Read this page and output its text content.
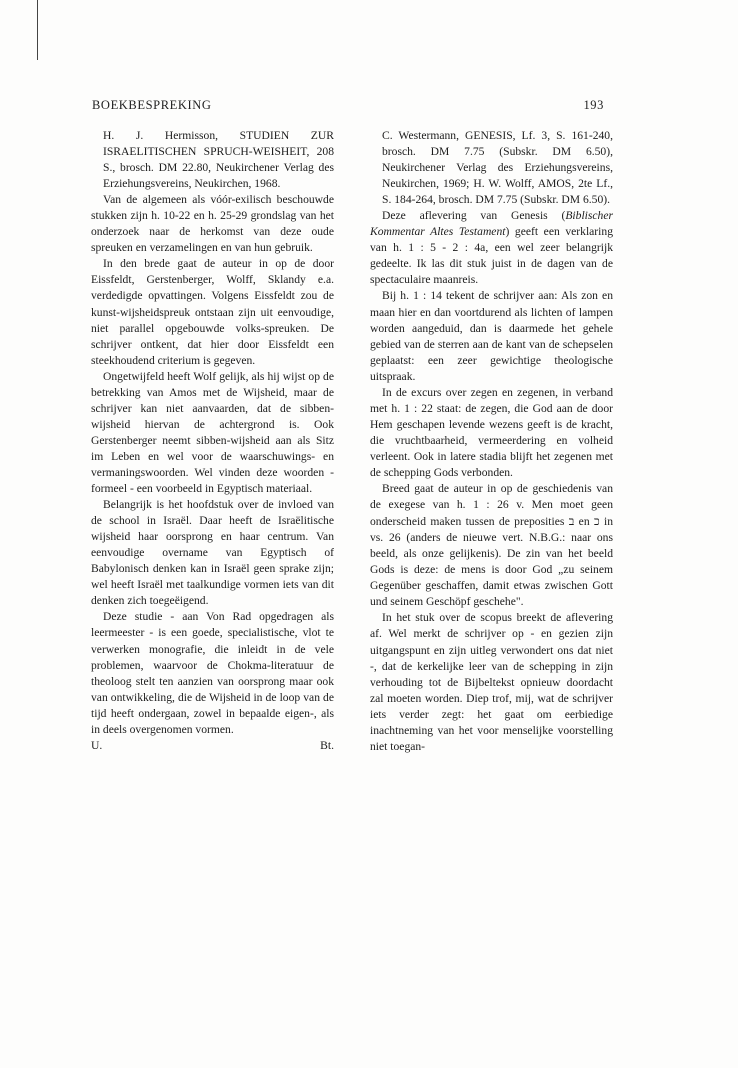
BOEKBESPREKING	193

H. J. Hermisson, STUDIEN ZUR ISRAELITISCHEN SPRUCH-WEISHEIT, 208 S., brosch. DM 22.80, Neukirchener Verlag des Erziehungsvereins, Neukirchen, 1968.

Van de algemeen als vóór-exilisch beschouwde stukken zijn h. 10-22 en h. 25-29 grondslag van het onderzoek naar de herkomst van deze oude spreuken en verzamelingen en van hun gebruik.

In den brede gaat de auteur in op de door Eissfeldt, Gerstenberger, Wolff, Sklandy e.a. verdedigde opvattingen. Volgens Eissfeldt zou de kunst-wijsheidspreuk ontstaan zijn uit eenvoudige, niet parallel opgebouwde volks-spreuken. De schrijver ontkent, dat hier door Eissfeldt een steekhoudend criterium is gegeven.

Ongetwijfeld heeft Wolf gelijk, als hij wijst op de betrekking van Amos met de Wijsheid, maar de schrijver kan niet aanvaarden, dat de sibben-wijsheid hiervan de achtergrond is. Ook Gerstenberger neemt sibben-wijsheid aan als Sitz im Leben en wel voor de waarschuwings- en vermaningswoorden. Wel vinden deze woorden - formeel - een voorbeeld in Egyptisch materiaal.

Belangrijk is het hoofdstuk over de invloed van de school in Israël. Daar heeft de Israëlitische wijsheid haar oorsprong en haar centrum. Van eenvoudige overname van Egyptisch of Babylonisch denken kan in Israël geen sprake zijn; wel heeft Israël met taalkundige vormen iets van dit denken zich toegeëigend.

Deze studie - aan Von Rad opgedragen als leermeester - is een goede, specialistische, vlot te verwerken monografie, die inleidt in de vele problemen, waarvoor de Chokma-literatuur de theoloog stelt ten aanzien van oorsprong maar ook van ontwikkeling, die de Wijsheid in de loop van de tijd heeft ondergaan, zowel in bepaalde eigen-, als in deels overgenomen vormen.

U.	Bt.

C. Westermann, GENESIS, Lf. 3, S. 161-240, brosch. DM 7.75 (Subskr. DM 6.50), Neukirchener Verlag des Erziehungsvereins, Neukirchen, 1969; H. W. Wolff, AMOS, 2te Lf., S. 184-264, brosch. DM 7.75 (Subskr. DM 6.50).

Deze aflevering van Genesis (Biblischer Kommentar Altes Testament) geeft een verklaring van h. 1 : 5 - 2 : 4a, een wel zeer belangrijk gedeelte. Ik las dit stuk juist in de dagen van de spectaculaire maanreis.

Bij h. 1 : 14 tekent de schrijver aan: Als zon en maan hier en dan voortdurend als lichten of lampen worden aangeduid, dan is daarmede het gehele gebied van de sterren aan de kant van de schepselen geplaatst: een zeer gewichtige theologische uitspraak.

In de excurs over zegen en zegenen, in verband met h. 1 : 22 staat: de zegen, die God aan de door Hem geschapen levende wezens geeft is de kracht, die vruchtbaarheid, vermeerdering en volheid verleent. Ook in latere stadia blijft het zegenen met de schepping Gods verbonden.

Breed gaat de auteur in op de geschiedenis van de exegese van h. 1 : 26 v. Men moet geen onderscheid maken tussen de preposities ב en כ in vs. 26 (anders de nieuwe vert. N.B.G.: naar ons beeld, als onze gelijkenis). De zin van het beeld Gods is deze: de mens is door God „zu seinem Gegenüber geschaffen, damit etwas zwischen Gott und seinem Geschöpf geschehe".

In het stuk over de scopus breekt de aflevering af. Wel merkt de schrijver op - en gezien zijn uitgangspunt en zijn uitleg verwondert ons dat niet -, dat de kerkelijke leer van de schepping in zijn verhouding tot de Bijbeltekst opnieuw doordacht zal moeten worden. Diep trof, mij, wat de schrijver iets verder zegt: het gaat om eerbiedige inachtneming van het voor menselijke voorstelling niet toegan-
